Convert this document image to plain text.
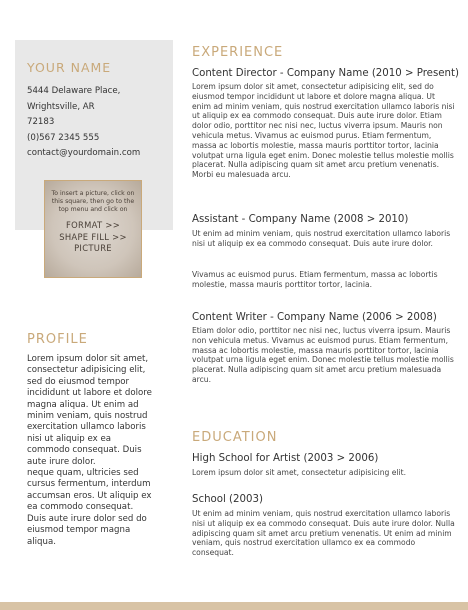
YOUR NAME
5444 Delaware Place,
Wrightsville, AR
72183
(0)567 2345 555
contact@yourdomain.com
To insert a picture, click on this square, then go to the top menu and click on
FORMAT >>
SHAPE FILL >>
PICTURE
PROFILE
Lorem ipsum dolor sit amet, consectetur adipisicing elit, sed do eiusmod tempor incididunt ut labore et dolore magna aliqua. Ut enim ad minim veniam, quis nostrud exercitation ullamco laboris nisi ut aliquip ex ea commodo consequat. Duis aute irure dolor.
neque quam, ultricies sed cursus fermentum, interdum accumsan eros. Ut aliquip ex ea commodo consequat. Duis aute irure dolor sed do eiusmod tempor magna aliqua.
EXPERIENCE
Content Director - Company Name (2010 > Present)
Lorem ipsum dolor sit amet, consectetur adipisicing elit, sed do eiusmod tempor incididunt ut labore et dolore magna aliqua. Ut enim ad minim veniam, quis nostrud exercitation ullamco laboris nisi ut aliquip ex ea commodo consequat. Duis aute irure dolor. Etiam dolor odio, porttitor nec nisi nec, luctus viverra ipsum. Mauris non vehicula metus. Vivamus ac euismod purus. Etiam fermentum, massa ac lobortis molestie, massa mauris porttitor tortor, lacinia volutpat urna ligula eget enim. Donec molestie tellus molestie mollis placerat. Nulla adipiscing quam sit amet arcu pretium venenatis. Morbi eu malesuada arcu.
Assistant - Company Name (2008 > 2010)
Ut enim ad minim veniam, quis nostrud exercitation ullamco laboris nisi ut aliquip ex ea commodo consequat. Duis aute irure dolor.
Vivamus ac euismod purus. Etiam fermentum, massa ac lobortis molestie, massa mauris porttitor tortor, lacinia.
Content Writer - Company Name (2006 > 2008)
Etiam dolor odio, porttitor nec nisi nec, luctus viverra ipsum. Mauris non vehicula metus. Vivamus ac euismod purus. Etiam fermentum, massa ac lobortis molestie, massa mauris porttitor tortor, lacinia volutpat urna ligula eget enim. Donec molestie tellus molestie mollis placerat. Nulla adipiscing quam sit amet arcu pretium malesuada arcu.
EDUCATION
High School for Artist (2003 > 2006)
Lorem ipsum dolor sit amet, consectetur adipisicing elit.
School (2003)
Ut enim ad minim veniam, quis nostrud exercitation ullamco laboris nisi ut aliquip ex ea commodo consequat. Duis aute irure dolor. Nulla adipiscing quam sit amet arcu pretium venenatis. Ut enim ad minim veniam, quis nostrud exercitation ullamco ex ea commodo consequat.
